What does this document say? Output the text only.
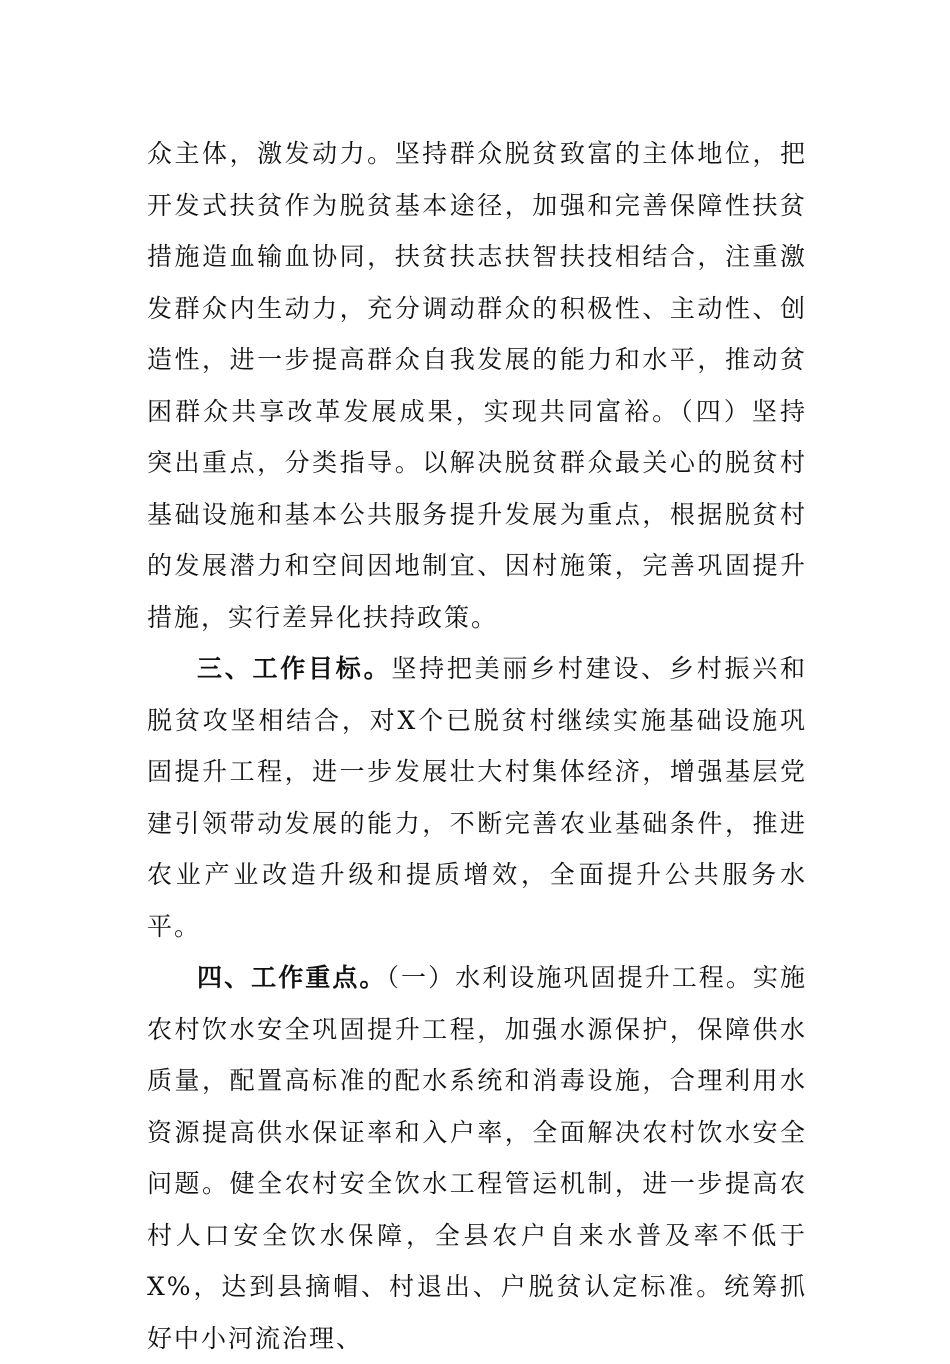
众主体，激发动力。坚持群众脱贫致富的主体地位，把开发式扶贫作为脱贫基本途径，加强和完善保障性扶贫措施造血输血协同，扶贫扶志扶智扶技相结合，注重激发群众内生动力，充分调动群众的积极性、主动性、创造性，进一步提高群众自我发展的能力和水平，推动贫困群众共享改革发展成果，实现共同富裕。（四）坚持突出重点，分类指导。以解决脱贫群众最关心的脱贫村基础设施和基本公共服务提升发展为重点，根据脱贫村的发展潜力和空间因地制宜、因村施策，完善巩固提升措施，实行差异化扶持政策。

三、工作目标。坚持把美丽乡村建设、乡村振兴和脱贫攻坚相结合，对X个已脱贫村继续实施基础设施巩固提升工程，进一步发展壮大村集体经济，增强基层党建引领带动发展的能力，不断完善农业基础条件，推进农业产业改造升级和提质增效，全面提升公共服务水平。

四、工作重点。（一）水利设施巩固提升工程。实施农村饮水安全巩固提升工程，加强水源保护，保障供水质量，配置高标准的配水系统和消毒设施，合理利用水资源提高供水保证率和入户率，全面解决农村饮水安全问题。健全农村安全饮水工程管运机制，进一步提高农村人口安全饮水保障，全县农户自来水普及率不低于X%，达到县摘帽、村退出、户脱贫认定标准。统筹抓好中小河流治理、
